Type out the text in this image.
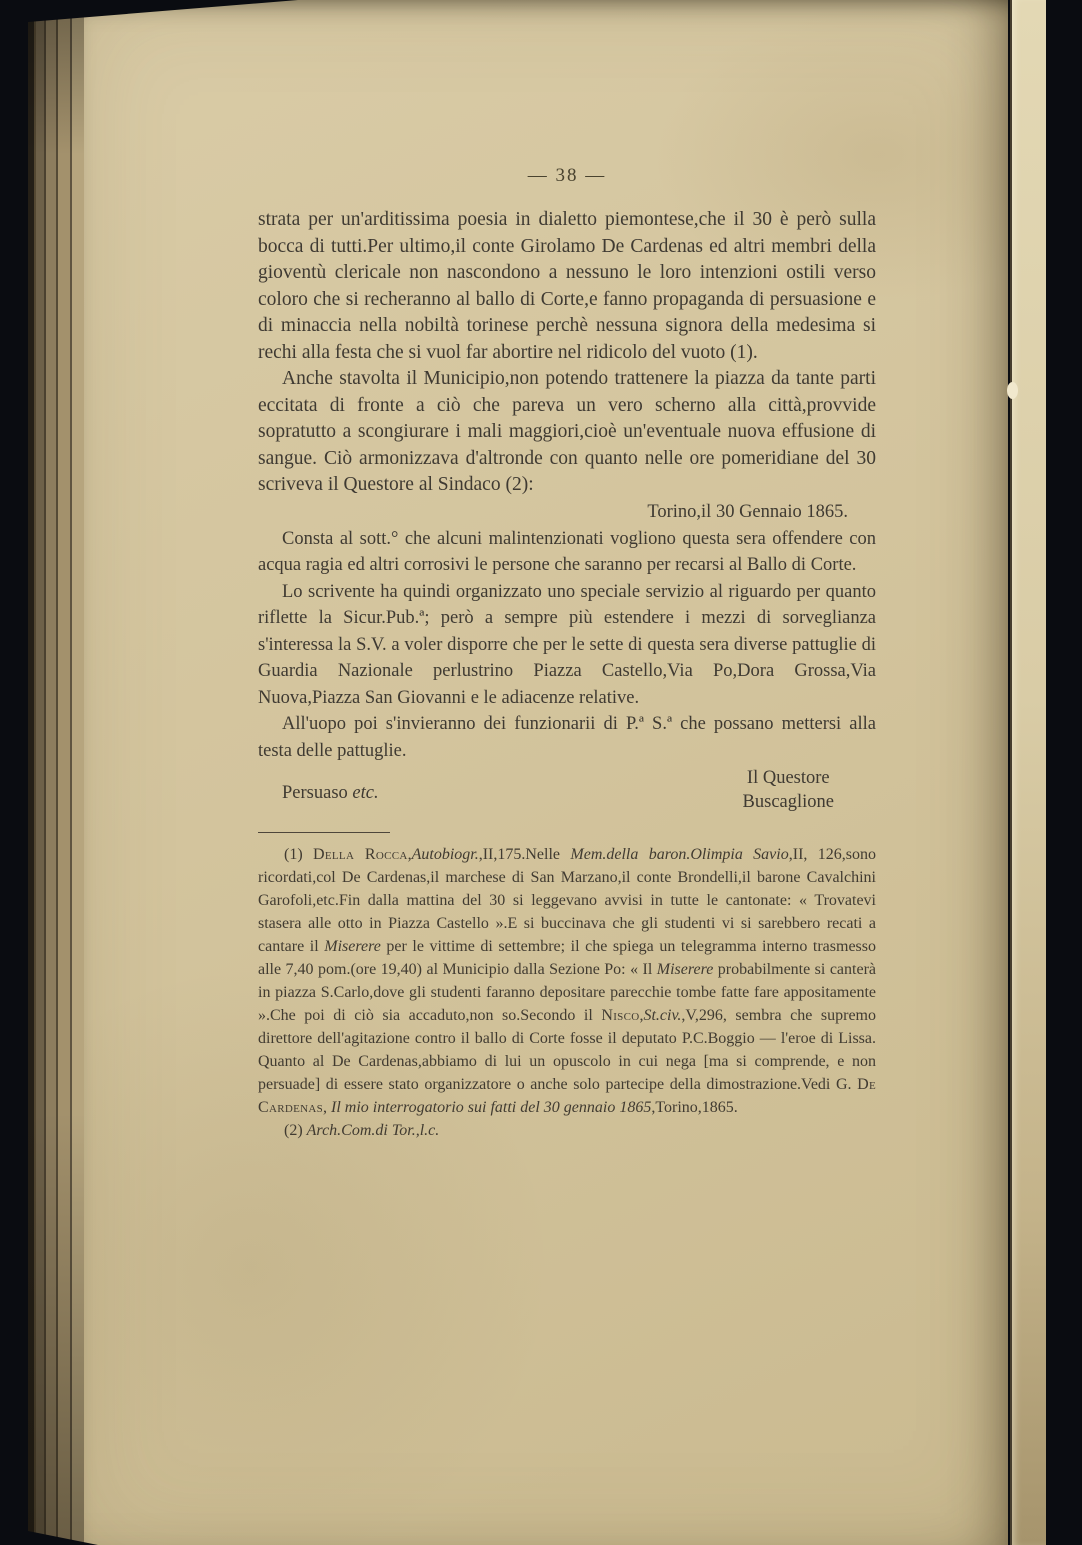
— 38 —

strata per un'arditissima poesia in dialetto piemontese,che il 30 è però sulla bocca di tutti.Per ultimo,il conte Girolamo De Cardenas ed altri membri della gioventù clericale non nascondono a nessuno le loro intenzioni ostili verso coloro che si recheranno al ballo di Corte,e fanno propaganda di persuasione e di minaccia nella nobiltà torinese perchè nessuna signora della medesima si rechi alla festa che si vuol far abortire nel ridicolo del vuoto (1).

Anche stavolta il Municipio,non potendo trattenere la piazza da tante parti eccitata di fronte a ciò che pareva un vero scherno alla città,provvide sopratutto a scongiurare i mali maggiori,cioè un'eventuale nuova effusione di sangue. Ciò armonizzava d'altronde con quanto nelle ore pomeridiane del 30 scriveva il Questore al Sindaco (2):

Torino,il 30 Gennaio 1865.

Consta al sott.° che alcuni malintenzionati vogliono questa sera offendere con acqua ragia ed altri corrosivi le persone che saranno per recarsi al Ballo di Corte.

Lo scrivente ha quindi organizzato uno speciale servizio al riguardo per quanto riflette la Sicur.Pub.ª; però a sempre più estendere i mezzi di sorveglianza s'interessa la S.V. a voler disporre che per le sette di questa sera diverse pattuglie di Guardia Nazionale perlustrino Piazza Castello,Via Po,Dora Grossa,Via Nuova,Piazza San Giovanni e le adiacenze relative.

All'uopo poi s'invieranno dei funzionarii di P.ª S.ª che possano mettersi alla testa delle pattuglie.

Persuaso etc.

Il Questore
Buscaglione

(1) Della Rocca,Autobiogr.,II,175.Nelle Mem.della baron.Olimpia Savio,II, 126,sono ricordati,col De Cardenas,il marchese di San Marzano,il conte Brondelli,il barone Cavalchini Garofoli,etc.Fin dalla mattina del 30 si leggevano avvisi in tutte le cantonate: « Trovatevi stasera alle otto in Piazza Castello ».E si buccinava che gli studenti vi si sarebbero recati a cantare il Miserere per le vittime di settembre; il che spiega un telegramma interno trasmesso alle 7,40 pom.(ore 19,40) al Municipio dalla Sezione Po: « Il Miserere probabilmente si canterà in piazza S.Carlo,dove gli studenti faranno depositare parecchie tombe fatte fare appositamente ».Che poi di ciò sia accaduto,non so.Secondo il Nisco,St.civ.,V,296, sembra che supremo direttore dell'agitazione contro il ballo di Corte fosse il deputato P.C.Boggio — l'eroe di Lissa. Quanto al De Cardenas,abbiamo di lui un opuscolo in cui nega [ma si comprende, e non persuade] di essere stato organizzatore o anche solo partecipe della dimostrazione.Vedi G. De Cardenas, Il mio interrogatorio sui fatti del 30 gennaio 1865,Torino,1865.

(2) Arch.Com.di Tor.,l.c.
